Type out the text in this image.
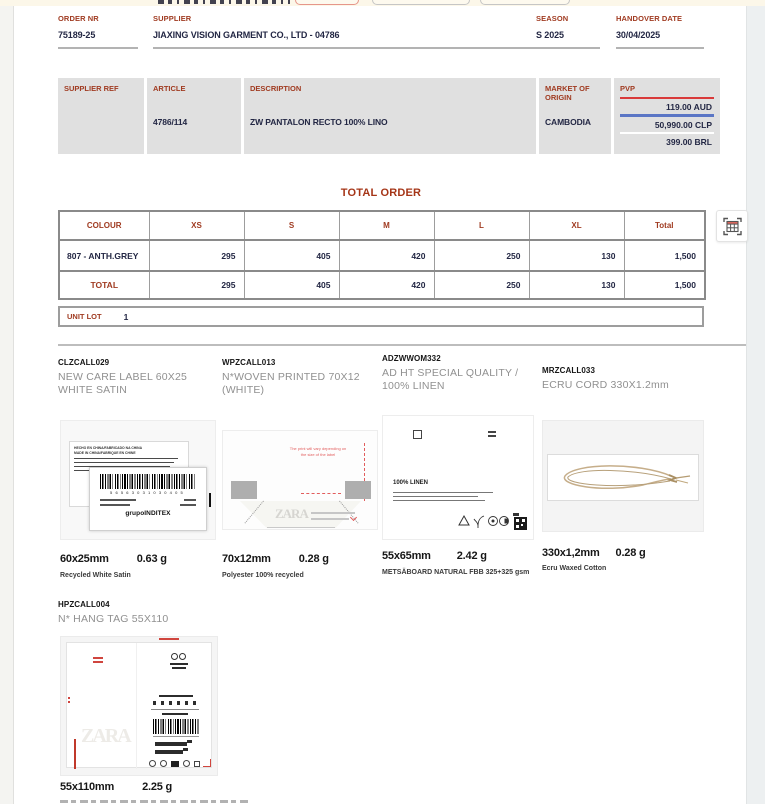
ORDER NR
75189-25
SUPPLIER
JIAXING VISION GARMENT CO., LTD - 04786
SEASON
S 2025
HANDOVER DATE
30/04/2025
SUPPLIER REF	ARTICLE
4786/114
DESCRIPTION
ZW PANTALON RECTO 100% LINO
MARKET OF ORIGIN
CAMBODIA
PVP
119.00 AUD
50,990.00 CLP
399.00 BRL
TOTAL ORDER
COLOUR	XS	S	M	L	XL	Total
807 - ANTH.GREY	295	405	420	250	130	1,500
TOTAL	295	405	420	250	130	1,500
UNIT LOT	1
CLZCALL029
NEW CARE LABEL 60X25 WHITE SATIN
HECHO EN CHINA/FABRICADO NA CHINA
MADE IN CHINA/FABRIQUE EN CHINE
56563031030405
grupoINDITEX
60x25mm	0.63 g
Recycled White Satin
WPZCALL013
N*WOVEN PRINTED 70X12 (WHITE)
The print will vary depending on
the size of the label
ZARA
70x12mm	0.28 g
Polyester 100% recycled
ADZWWOM332
AD HT SPECIAL QUALITY / 100% LINEN
100% LINEN
55x65mm 2.42 g
METSÄBOARD NATURAL FBB 325+325 gsm
MRZCALL033
ECRU CORD 330X1.2mm
330x1,2mm 0.28 g
Ecru Waxed Cotton
HPZCALL004
N* HANG TAG 55X110
ZARA
55x110mm	2.25 g
